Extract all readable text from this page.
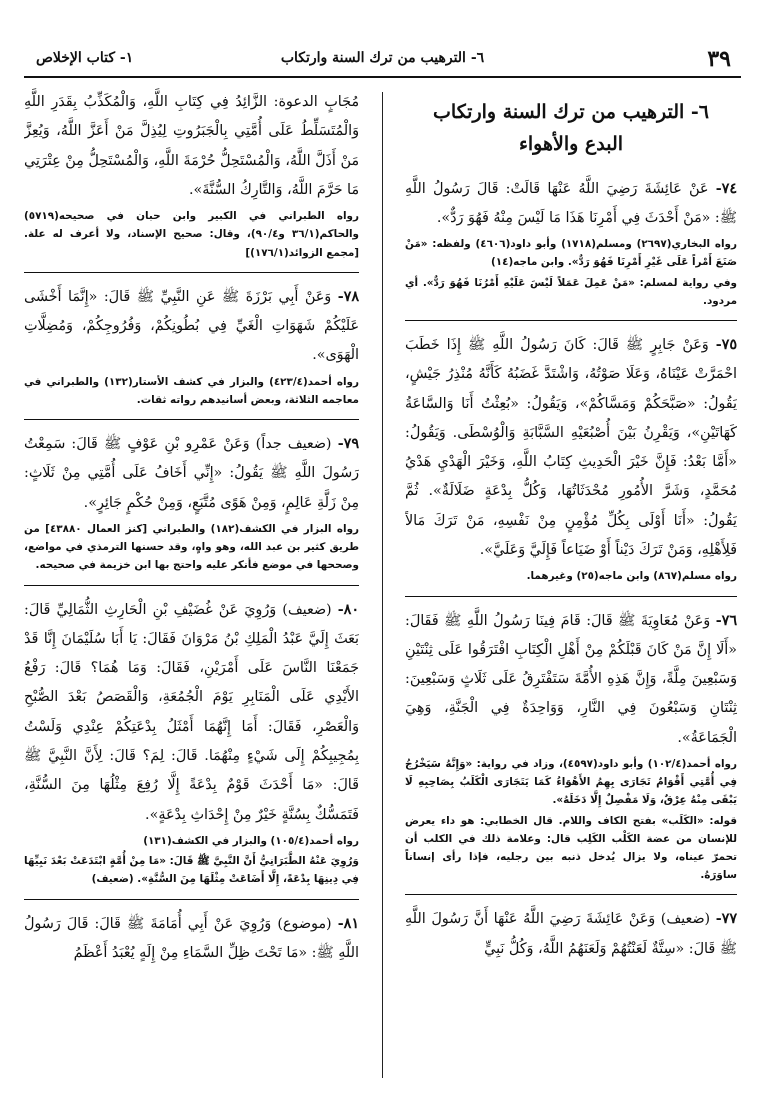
٣٩
٦- الترهيب من ترك السنة وارتكاب
١- كتاب الإخلاص
٦- الترهيب من ترك السنة وارتكاب
البدع والأهواء

٧٤- عَنْ عَائِشَةَ رَضِيَ اللَّهُ عَنْهَا قَالَتْ: قَالَ رَسُولُ اللَّهِ ﷺ: «مَنْ أَحْدَثَ فِي أَمْرِنَا هَذَا مَا لَيْسَ مِنْهُ فَهُوَ رَدٌّ».

رواه البخاري(٢٦٩٧) ومسلم(١٧١٨) وأبو داود(٤٦٠٦) ولفظه: «مَنْ صَنَعَ أَمْراً عَلَى غَيْرِ أَمْرِنَا فَهُوَ رَدٌّ». وابن ماجه(١٤)

وفي رواية لمسلم: «مَنْ عَمِلَ عَمَلاً لَيْسَ عَلَيْهِ أَمْرُنَا فَهُوَ رَدٌّ». أي مردود.

٧٥- وَعَنْ جَابِرٍ ﷺ قَالَ: كَانَ رَسُولُ اللَّهِ ﷺ إِذَا خَطَبَ احْمَرَّتْ عَيْنَاهُ، وَعَلَا صَوْتُهُ، وَاشْتَدَّ غَضَبُهُ كَأَنَّهُ مُنْذِرُ جَيْشٍ، يَقُولُ: «صَبَّحَكُمْ وَمَسَّاكُمْ»، وَيَقُولُ: «بُعِثْتُ أَنَا وَالسَّاعَةُ كَهَاتَيْنِ»، وَيَقْرِنُ بَيْنَ أُصْبُعَيْهِ السَّبَّابَةِ وَالْوُسْطَى. وَيَقُولُ: «أَمَّا بَعْدُ: فَإِنَّ خَيْرَ الْحَدِيثِ كِتَابُ اللَّهِ، وَخَيْرَ الْهَدْيِ هَدْيُ مُحَمَّدٍ، وَشَرَّ الأُمُورِ مُحْدَثَاتُهَا، وَكُلُّ بِدْعَةٍ ضَلَالَةٌ». ثُمَّ يَقُولُ: «أَنَا أَوْلَى بِكُلِّ مُؤْمِنٍ مِنْ نَفْسِهِ، مَنْ تَرَكَ مَالاً فَلِأَهْلِهِ، وَمَنْ تَرَكَ دَيْناً أَوْ ضَيَاعاً فَإِلَيَّ وَعَلَيَّ».

رواه مسلم(٨٦٧) وابن ماجه(٢٥) وغيرهما.

٧٦- وَعَنْ مُعَاوِيَةَ ﷺ قَالَ: قَامَ فِينَا رَسُولُ اللَّهِ ﷺ فَقَالَ: «أَلَا إِنَّ مَنْ كَانَ قَبْلَكُمْ مِنْ أَهْلِ الْكِتَابِ افْتَرَقُوا عَلَى ثِنْتَيْنِ وَسَبْعِينَ مِلَّةً، وَإِنَّ هَذِهِ الأُمَّةَ سَتَفْتَرِقُ عَلَى ثَلَاثٍ وَسَبْعِينَ: ثِنْتَانِ وَسَبْعُونَ فِي النَّارِ، وَوَاحِدَةٌ فِي الْجَنَّةِ، وَهِيَ الْجَمَاعَةُ».

رواه أحمد(١٠٢/٤) وأبو داود(٤٥٩٧)، وزاد في رواية: «وَإِنَّهُ سَيَخْرُجُ فِي أُمَّتِي أَقْوَامٌ تَجَارَى بِهِمُ الأَهْوَاءُ كَمَا يَتَجَارَى الْكَلَبُ بِصَاحِبِهِ لَا يَبْقَى مِنْهُ عِرْقٌ، وَلَا مَفْصِلٌ إِلَّا دَخَلَهُ».

قوله: «الكَلَب» بفتح الكاف واللام. قال الخطابي: هو داء يعرض للإنسان من عضة الكَلْب الكَلِب قال: وعلامة ذلك في الكلب أن تحمرّ عيناه، ولا يزال يُدخل ذنبه بين رجليه، فإذا رأى إنساناً ساوَرَهُ.

٧٧- (ضعيف) وَعَنْ عَائِشَةَ رَضِيَ اللَّهُ عَنْهَا أَنَّ رَسُولَ اللَّهِ ﷺ قَالَ: «سِتَّةٌ لَعَنْتُهُمْ وَلَعَنَهُمُ اللَّهُ، وَكُلُّ نَبِيٍّ

مُجَابٍ الدعوة: الزَّائِدُ فِي كِتَابِ اللَّهِ، وَالْمُكَذِّبُ بِقَدَرِ اللَّهِ وَالْمُتَسَلِّطُ عَلَى أُمَّتِي بِالْجَبَرُوتِ لِيُذِلَّ مَنْ أَعَزَّ اللَّهُ، وَيُعِزَّ مَنْ أَذَلَّ اللَّهُ، وَالْمُسْتَحِلُّ حُرْمَةَ اللَّهِ، وَالْمُسْتَحِلُّ مِنْ عِتْرَتِي مَا حَرَّمَ اللَّهُ، وَالتَّارِكُ السُّنَّةَ».

رواه الطبراني في الكبير وابن حبان في صحيحه(٥٧١٩) والحاكم(٣٦/١ و٩٠/٤)، وقال: صحيح الإسناد، ولا أعرف له علة. [مجمع الزوائد(١٧٦/١)]

٧٨- وَعَنْ أَبِي بَرْزَةَ ﷺ عَنِ النَّبِيِّ ﷺ قَالَ: «إِنَّمَا أَخْشَى عَلَيْكُمْ شَهَوَاتِ الْغَيِّ فِي بُطُونِكُمْ، وَفُرُوجِكُمْ، وَمُضِلَّاتِ الْهَوَى».

رواه أحمد(٤٢٣/٤) والبزار في كشف الأستار(١٣٢) والطبراني في معاجمه الثلاثة، وبعض أسانيدهم رواته ثقات.

٧٩- (ضعيف جداً) وَعَنْ عَمْرِو بْنِ عَوْفٍ ﷺ قَالَ: سَمِعْتُ رَسُولَ اللَّهِ ﷺ يَقُولُ: «إِنِّي أَخَافُ عَلَى أُمَّتِي مِنْ ثَلَاثٍ: مِنْ زَلَّةِ عَالِمٍ، وَمِنْ هَوًى مُتَّبَعٍ، وَمِنْ حُكْمٍ جَائِرٍ».

رواه البزار في الكشف(١٨٢) والطبراني [كنز العمال ٤٣٨٨٠] من طريق كثير بن عبد الله، وهو واهٍ، وقد حسنها الترمذي في مواضع، وصححها في موضع فأنكر عليه واحتج بها ابن خزيمة في صحيحه.

٨٠- (ضعيف) وَرُوِيَ عَنْ غُضَيْفِ بْنِ الْحَارِثِ الثُّمَالِيِّ قَالَ: بَعَثَ إِلَيَّ عَبْدُ الْمَلِكِ بْنُ مَرْوَانَ فَقَالَ: يَا أَبَا سُلَيْمَانَ إِنَّا قَدْ جَمَعْنَا النَّاسَ عَلَى أَمْرَيْنِ، فَقَالَ: وَمَا هُمَا؟ قَالَ: رَفْعُ الأَيْدِي عَلَى الْمَنَابِرِ يَوْمَ الْجُمُعَةِ، وَالْقَصَصُ بَعْدَ الصُّبْحِ وَالْعَصْرِ، فَقَالَ: أَمَا إِنَّهُمَا أَمْثَلُ بِدْعَتِكُمْ عِنْدِي وَلَسْتُ بِمُجِيبِكُمْ إِلَى شَيْءٍ مِنْهُمَا. قَالَ: لِمَ؟ قَالَ: لِأَنَّ النَّبِيَّ ﷺ قَالَ: «مَا أَحْدَثَ قَوْمٌ بِدْعَةً إِلَّا رُفِعَ مِثْلُهَا مِنَ السُّنَّةِ، فَتَمَسُّكٌ بِسُنَّةٍ خَيْرٌ مِنْ إِحْدَاثِ بِدْعَةٍ».

رواه أحمد(١٠٥/٤) والبزار في الكشف(١٣١)

وَرُوِيَ عَنْهُ الطَّبَرَانِيُّ أَنَّ النَّبِيَّ ﷺ قَالَ: «مَا مِنْ أُمَّةٍ ابْتَدَعَتْ بَعْدَ نَبِيِّهَا فِي دِينِهَا بِدْعَةً، إِلَّا أَضَاعَتْ مِثْلَهَا مِنَ السُّنَّةِ». (ضعيف)

٨١- (موضوع) وَرُوِيَ عَنْ أَبِي أُمَامَةَ ﷺ قَالَ: قَالَ رَسُولُ اللَّهِ ﷺ: «مَا تَحْتَ ظِلِّ السَّمَاءِ مِنْ إِلَهٍ يُعْبَدُ أَعْظَمُ
